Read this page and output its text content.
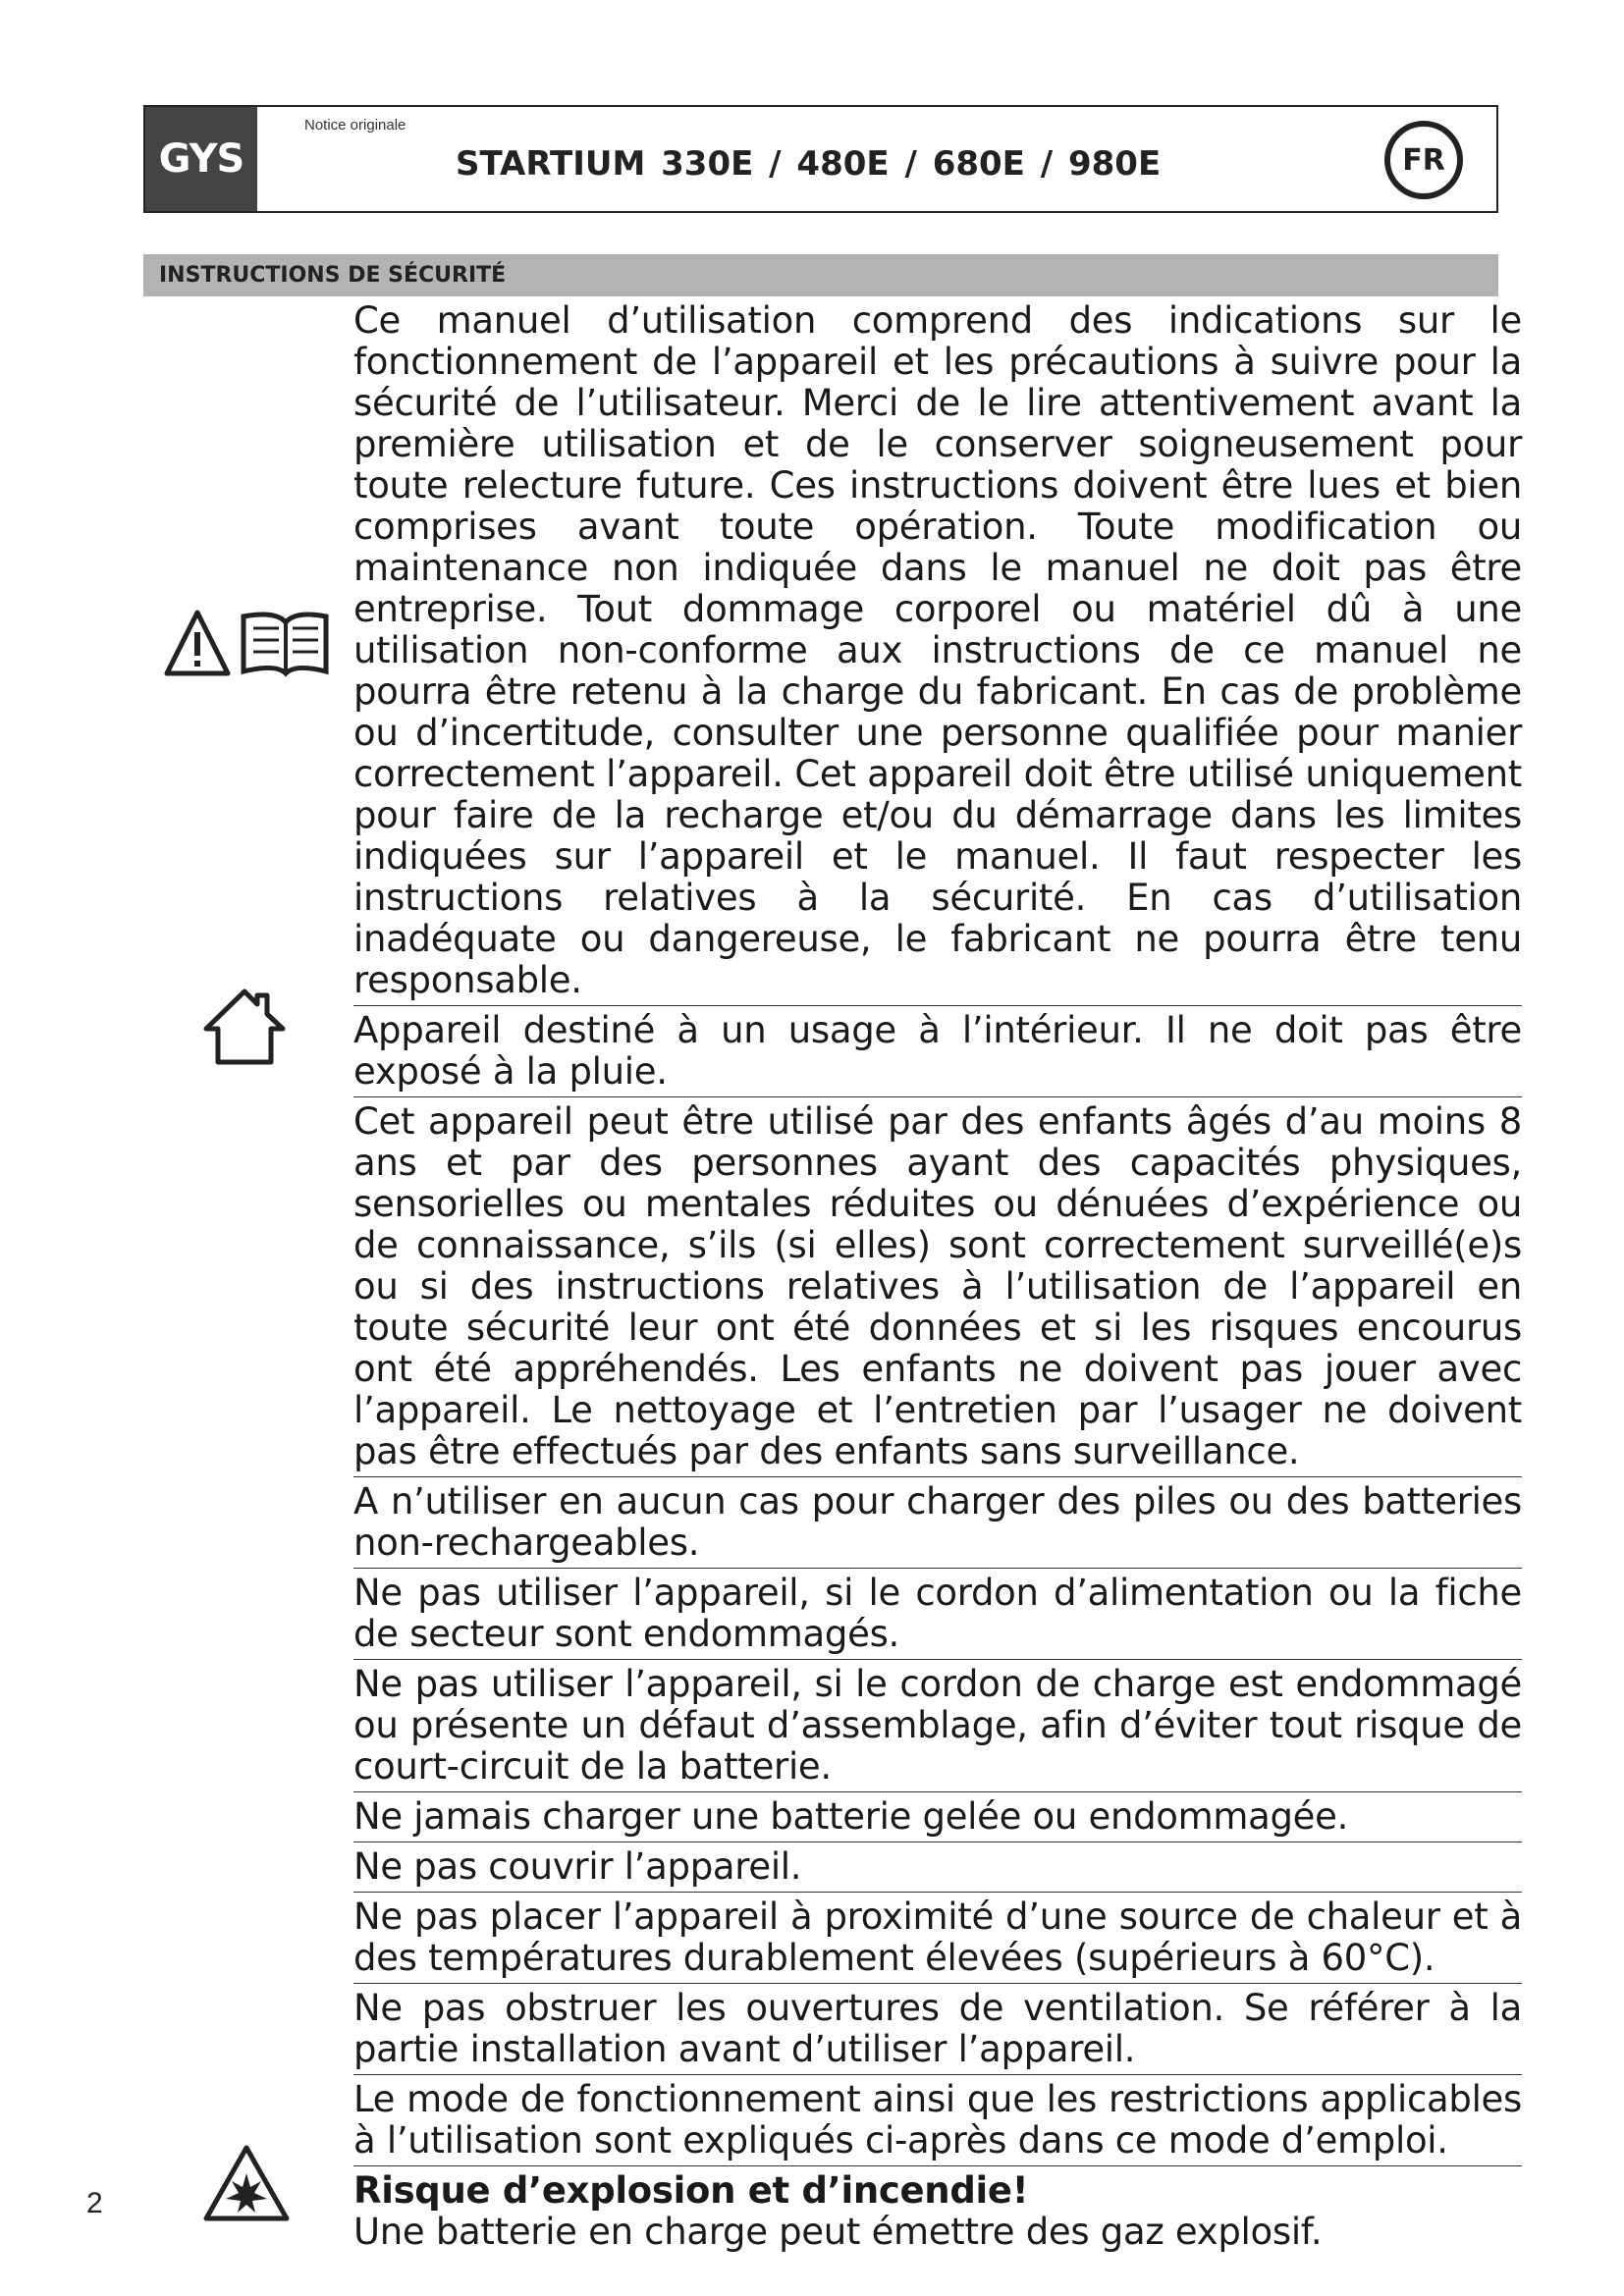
GYS
Notice originale
STARTIUM 330E / 480E / 680E / 980E	FR
INSTRUCTIONS DE SÉCURITÉ
Ce manuel d’utilisation comprend des indications sur le fonctionnement de l’appareil et les précautions à suivre pour la sécurité de l’utilisateur. Merci de le lire attentivement avant la première utilisation et de le conserver soigneusement pour toute relecture future. Ces instructions doivent être lues et bien comprises avant toute opération. Toute modification ou maintenance non indiquée dans le manuel ne doit pas être entreprise. Tout dommage corporel ou matériel dû à une utilisation non-conforme aux instructions de ce manuel ne pourra être retenu à la charge du fabricant. En cas de problème ou d’incertitude, consulter une personne qualifiée pour manier correctement l’appareil. Cet appareil doit être utilisé uniquement pour faire de la recharge et/ou du démarrage dans les limites indiquées sur l’appareil et le manuel. Il faut respecter les instructions relatives à la sécurité. En cas d’utilisation inadéquate ou dangereuse, le fabricant ne pourra être tenu responsable.
Appareil destiné à un usage à l’intérieur. Il ne doit pas être exposé à la pluie.
Cet appareil peut être utilisé par des enfants âgés d’au moins 8 ans et par des personnes ayant des capacités physiques, sensorielles ou mentales réduites ou dénuées d’expérience ou de connaissance, s’ils (si elles) sont correctement surveillé(e)s ou si des instructions relatives à l’utilisation de l’appareil en toute sécurité leur ont été données et si les risques encourus ont été appréhendés. Les enfants ne doivent pas jouer avec l’appareil. Le nettoyage et l’entretien par l’usager ne doivent pas être effectués par des enfants sans surveillance.
A n’utiliser en aucun cas pour charger des piles ou des batteries non-rechargeables.
Ne pas utiliser l’appareil, si le cordon d’alimentation ou la fiche de secteur sont endommagés.
Ne pas utiliser l’appareil, si le cordon de charge est endommagé ou présente un défaut d’assemblage, afin d’éviter tout risque de court-circuit de la batterie.
Ne jamais charger une batterie gelée ou endommagée.
Ne pas couvrir l’appareil.
Ne pas placer l’appareil à proximité d’une source de chaleur et à des températures durablement élevées (supérieurs à 60°C).
Ne pas obstruer les ouvertures de ventilation. Se référer à la partie installation avant d’utiliser l’appareil.
Le mode de fonctionnement ainsi que les restrictions applicables à l’utilisation sont expliqués ci-après dans ce mode d’emploi.
Risque d’explosion et d’incendie!
Une batterie en charge peut émettre des gaz explosif.
2
